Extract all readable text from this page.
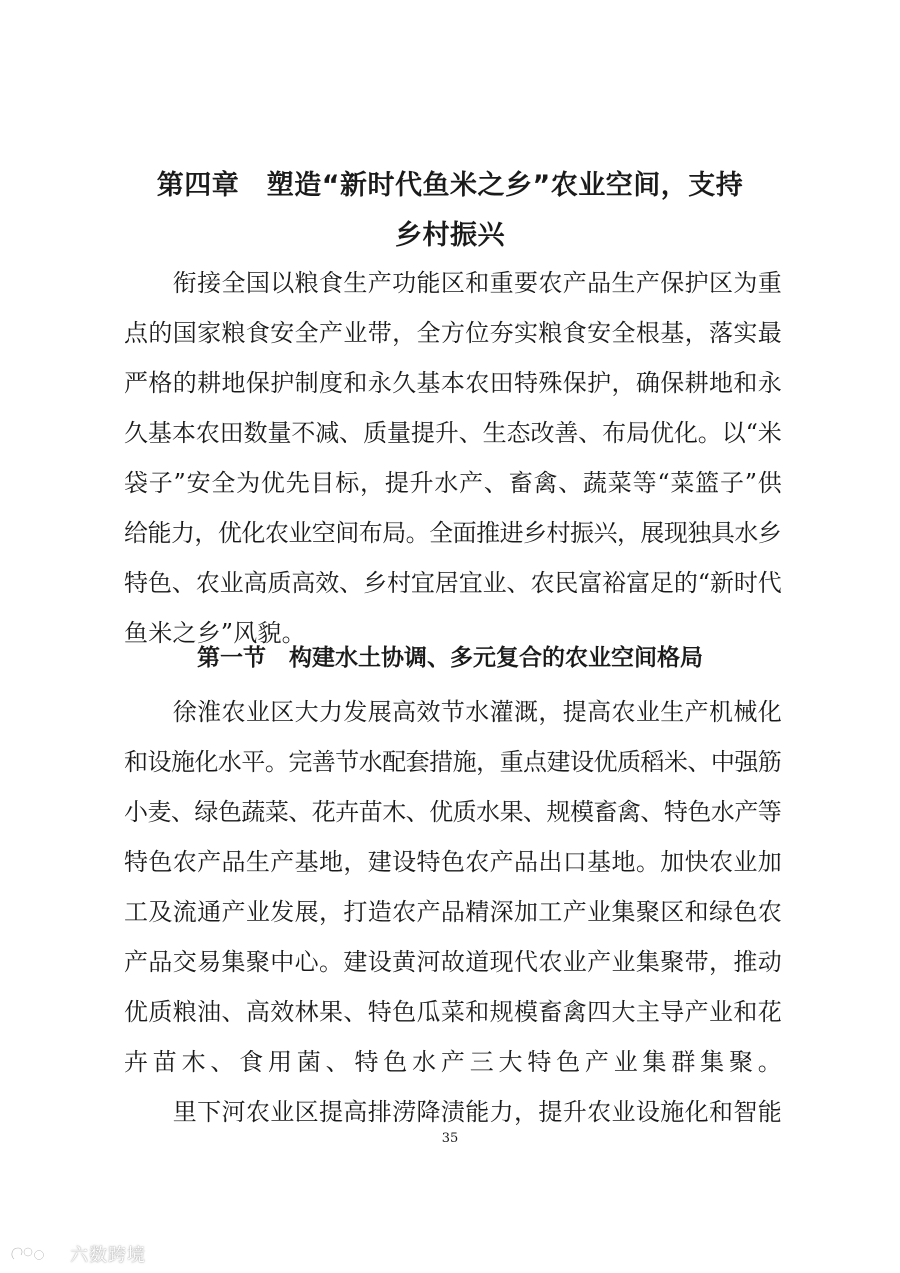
第四章　塑造“新时代鱼米之乡”农业空间，支持
乡村振兴
　　衔接全国以粮食生产功能区和重要农产品生产保护区为重
点的国家粮食安全产业带，全方位夯实粮食安全根基，落实最
严格的耕地保护制度和永久基本农田特殊保护，确保耕地和永
久基本农田数量不减、质量提升、生态改善、布局优化。以“米
袋子”安全为优先目标，提升水产、畜禽、蔬菜等“菜篮子”供
给能力，优化农业空间布局。全面推进乡村振兴，展现独具水乡
特色、农业高质高效、乡村宜居宜业、农民富裕富足的“新时代
鱼米之乡”风貌。
第一节　构建水土协调、多元复合的农业空间格局
　　徐淮农业区大力发展高效节水灌溉，提高农业生产机械化
和设施化水平。完善节水配套措施，重点建设优质稻米、中强筋
小麦、绿色蔬菜、花卉苗木、优质水果、规模畜禽、特色水产等
特色农产品生产基地，建设特色农产品出口基地。加快农业加
工及流通产业发展，打造农产品精深加工产业集聚区和绿色农
产品交易集聚中心。建设黄河故道现代农业产业集聚带，推动
优质粮油、高效林果、特色瓜菜和规模畜禽四大主导产业和花
卉苗木、食用菌、特色水产三大特色产业集群集聚。
　　里下河农业区提高排涝降渍能力，提升农业设施化和智能
35
六数跨境
